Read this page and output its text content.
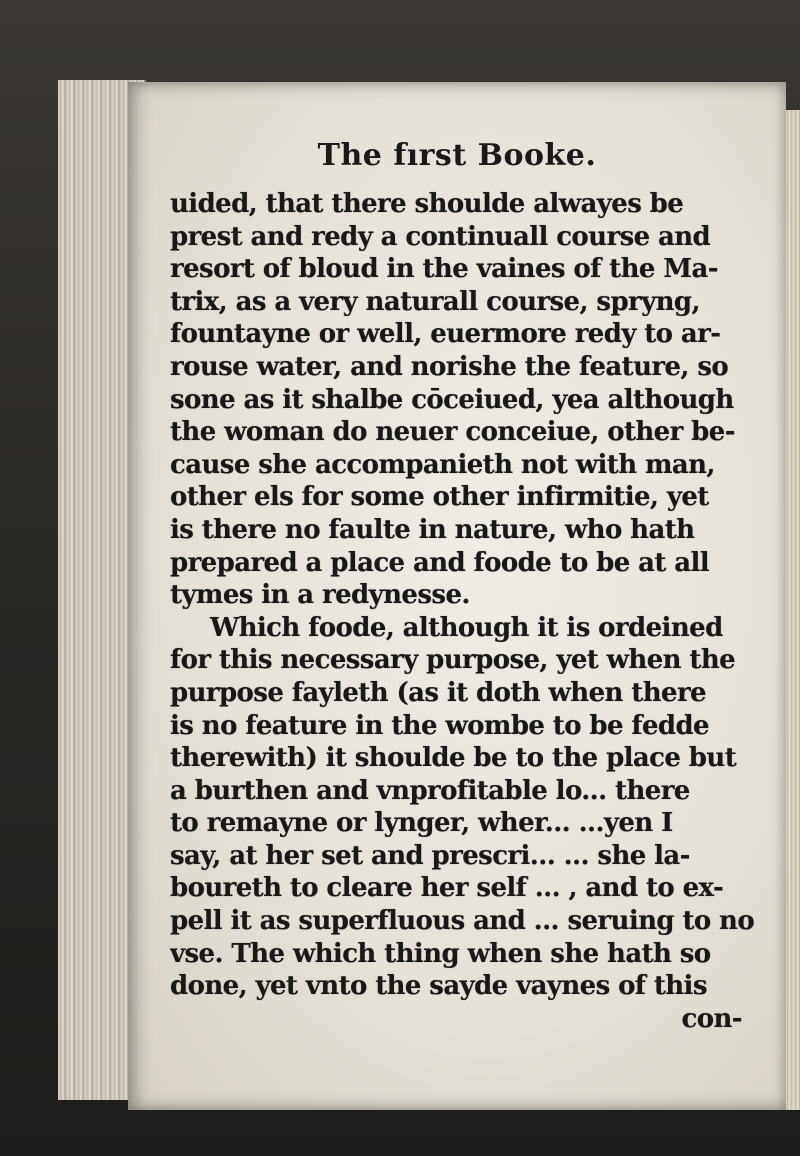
The fırst Booke.
uided, that there shoulde alwayes be
prest and redy a continuall course and
resort of bloud in the vaines of the Ma-
trix, as a very naturall course, spryng,
fountayne or well, euermore redy to ar-
rouse water, and norishe the feature, so
sone as it shalbe cōceiued, yea although
the woman do neuer conceiue, other be-
cause she accompanieth not with man,
other els for some other infirmitie, yet
is there no faulte in nature, who hath
prepared a place and foode to be at all
tymes in a redynesse.
Which foode, although it is ordeined
for this necessary purpose, yet when the
purpose fayleth (as it doth when there
is no feature in the wombe to be fedde
therewith) it shoulde be to the place but
a burthen and vnprofitable lo... there
to remayne or lynger, wher... ...yen I
say, at her set and prescri... ... she la-
boureth to cleare her self ... , and to ex-
pell it as superfluous and ... seruing to no
vse. The which thing when she hath so
done, yet vnto the sayde vaynes of this
con-
